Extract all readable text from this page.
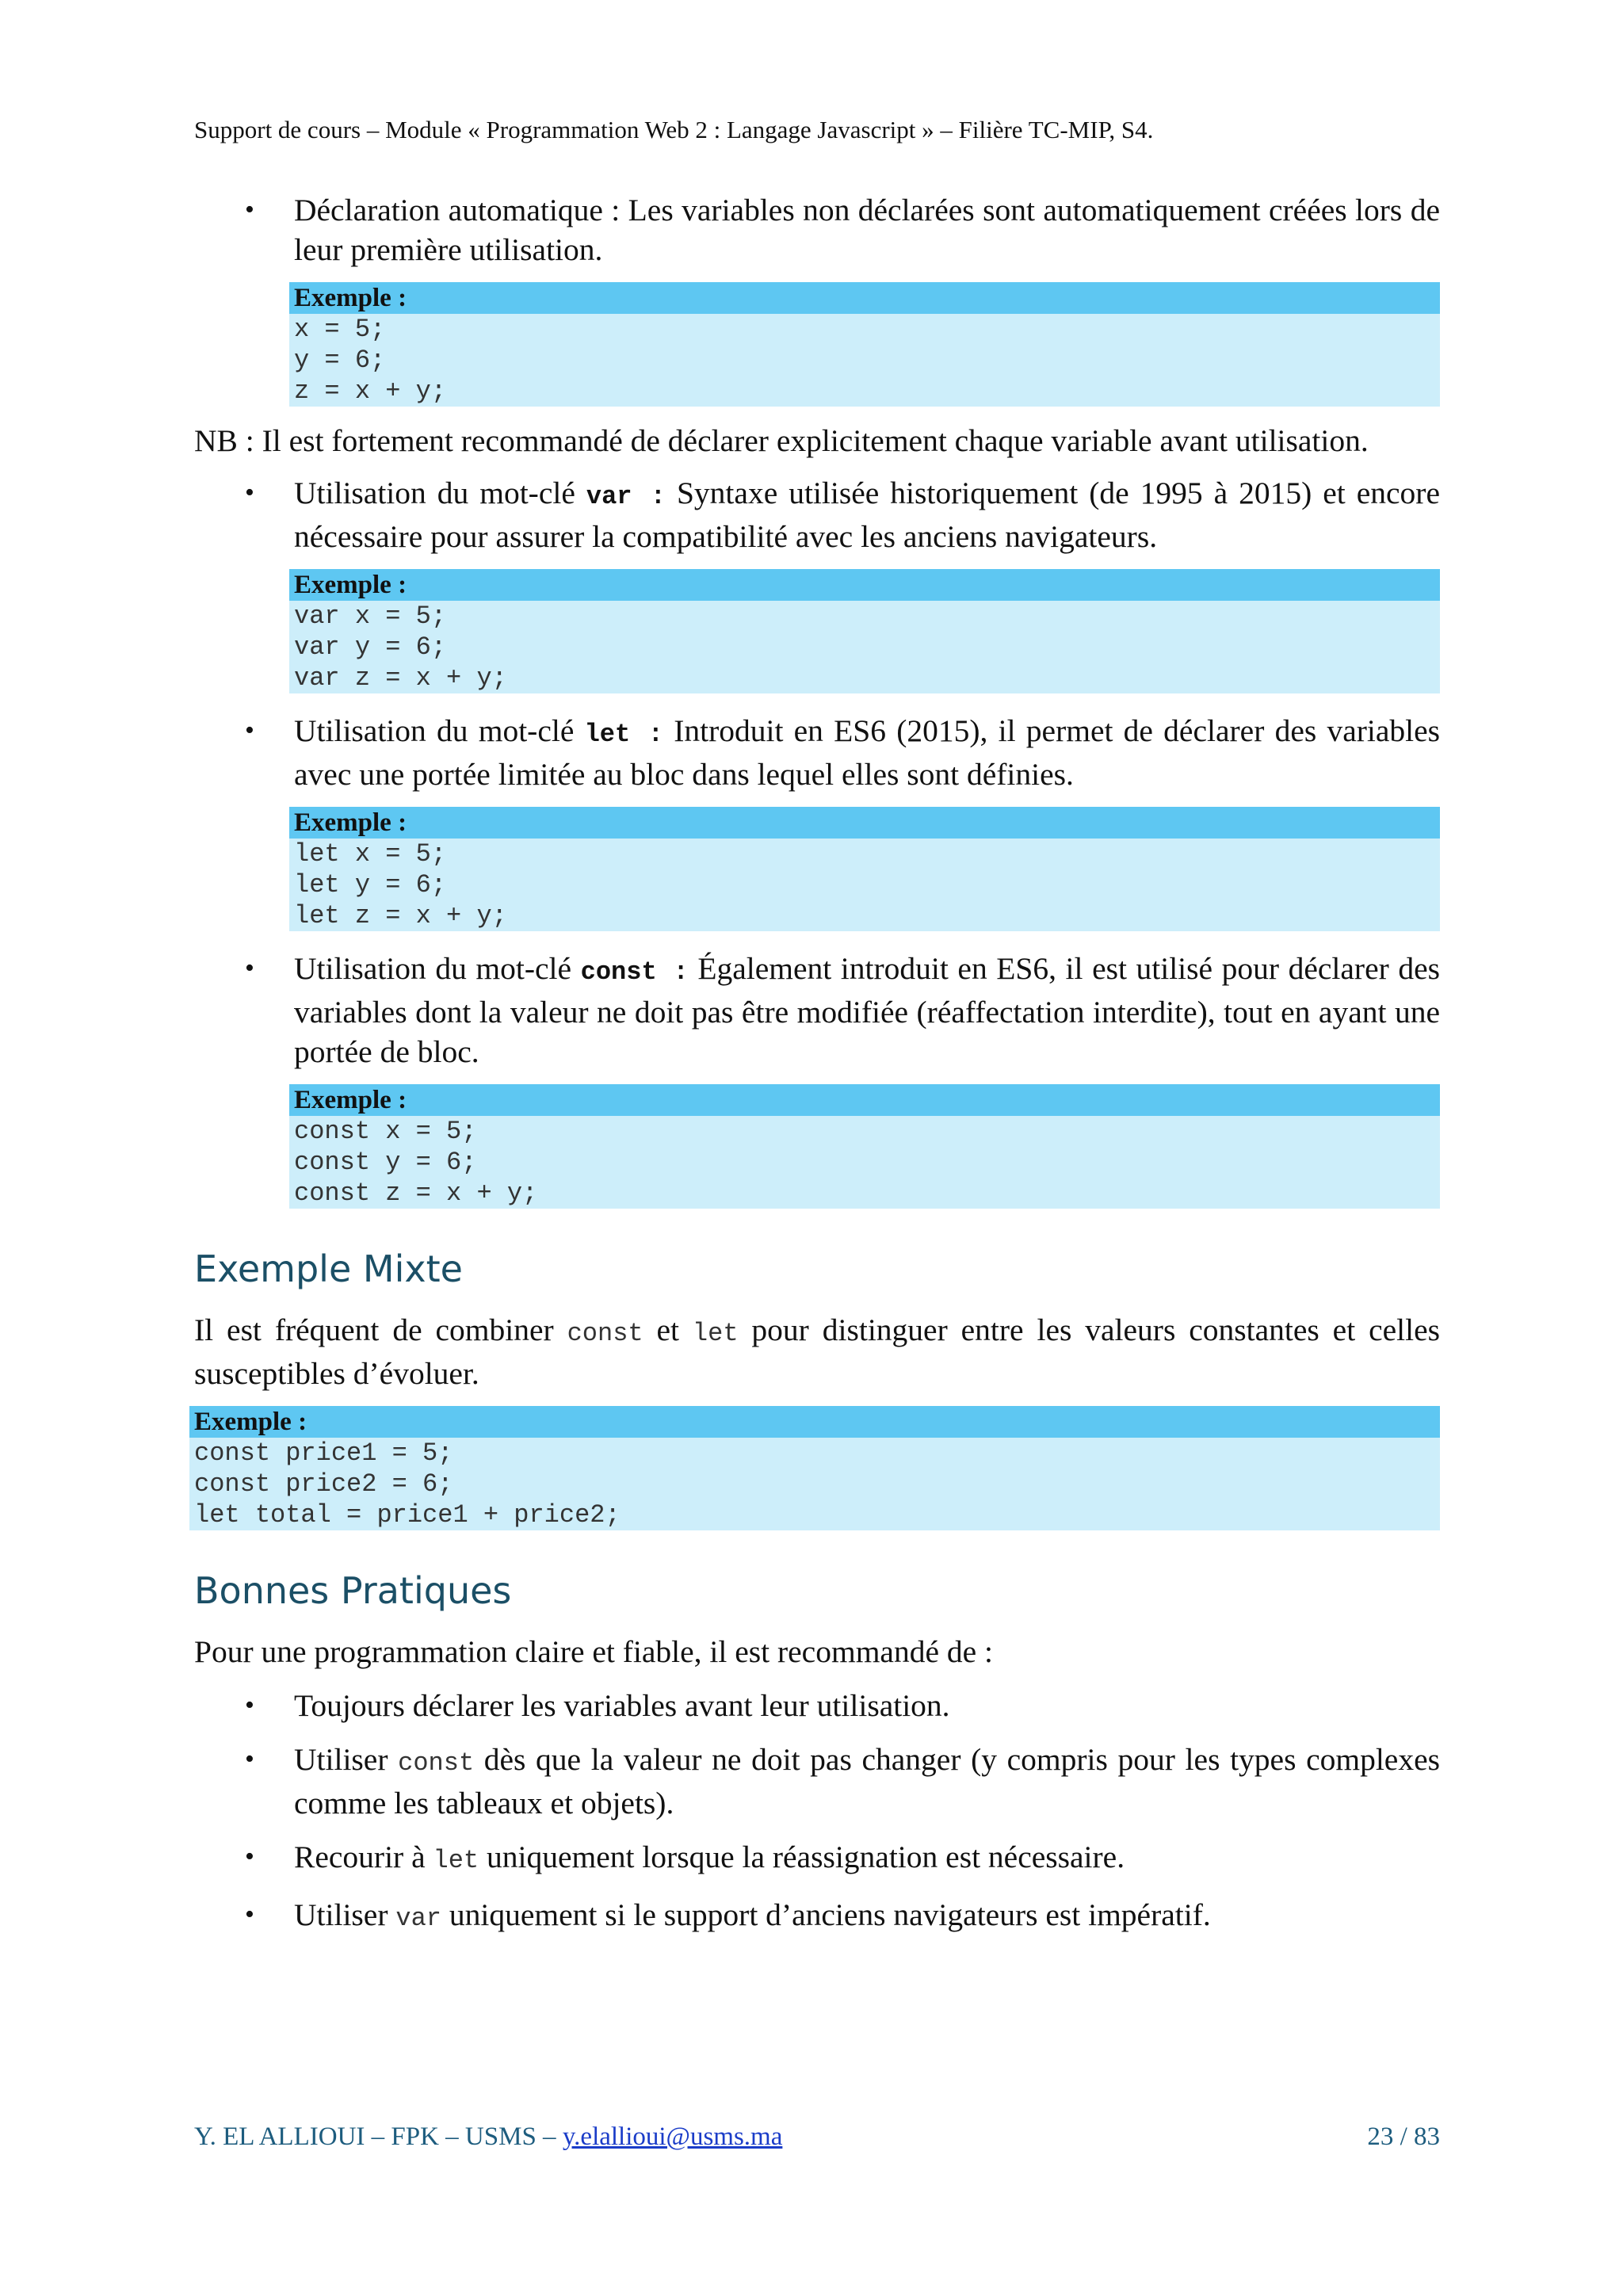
Support de cours – Module « Programmation Web 2 : Langage Javascript » – Filière TC-MIP, S4.
• Déclaration automatique : Les variables non déclarées sont automatiquement créées lors de leur première utilisation.
Exemple :
x = 5;
y = 6;
z = x + y;
NB : Il est fortement recommandé de déclarer explicitement chaque variable avant utilisation.
• Utilisation du mot-clé var : Syntaxe utilisée historiquement (de 1995 à 2015) et encore nécessaire pour assurer la compatibilité avec les anciens navigateurs.
Exemple :
var x = 5;
var y = 6;
var z = x + y;
• Utilisation du mot-clé let : Introduit en ES6 (2015), il permet de déclarer des variables avec une portée limitée au bloc dans lequel elles sont définies.
Exemple :
let x = 5;
let y = 6;
let z = x + y;
• Utilisation du mot-clé const : Également introduit en ES6, il est utilisé pour déclarer des variables dont la valeur ne doit pas être modifiée (réaffectation interdite), tout en ayant une portée de bloc.
Exemple :
const x = 5;
const y = 6;
const z = x + y;
Exemple Mixte
Il est fréquent de combiner const et let pour distinguer entre les valeurs constantes et celles susceptibles d’évoluer.
Exemple :
const price1 = 5;
const price2 = 6;
let total = price1 + price2;
Bonnes Pratiques
Pour une programmation claire et fiable, il est recommandé de :
• Toujours déclarer les variables avant leur utilisation.
• Utiliser const dès que la valeur ne doit pas changer (y compris pour les types complexes comme les tableaux et objets).
• Recourir à let uniquement lorsque la réassignation est nécessaire.
• Utiliser var uniquement si le support d’anciens navigateurs est impératif.
Y. EL ALLIOUI – FPK – USMS – y.elallioui@usms.ma	23 / 83
